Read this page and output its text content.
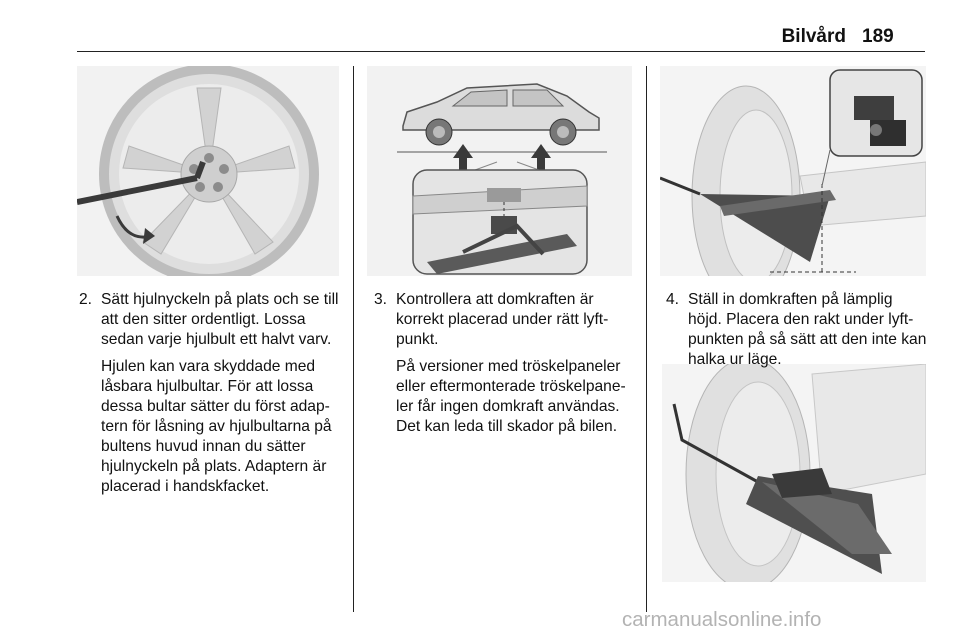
Bilvård 189

2. Sätt hjulnyckeln på plats och se till att den sitter ordentligt. Lossa sedan varje hjulbult ett halvt varv.

Hjulen kan vara skyddade med låsbara hjulbultar. För att lossa dessa bultar sätter du först adaptern för låsning av hjulbultarna på bultens huvud innan du sätter hjulnyckeln på plats. Adaptern är placerad i handskfacket.

3. Kontrollera att domkraften är korrekt placerad under rätt lyftpunkt.

På versioner med tröskelpaneler eller eftermonterade tröskelpaneler får ingen domkraft användas. Det kan leda till skador på bilen.

4. Ställ in domkraften på lämplig höjd. Placera den rakt under lyftpunkten på så sätt att den inte kan halka ur läge.

carmanualsonline.info
